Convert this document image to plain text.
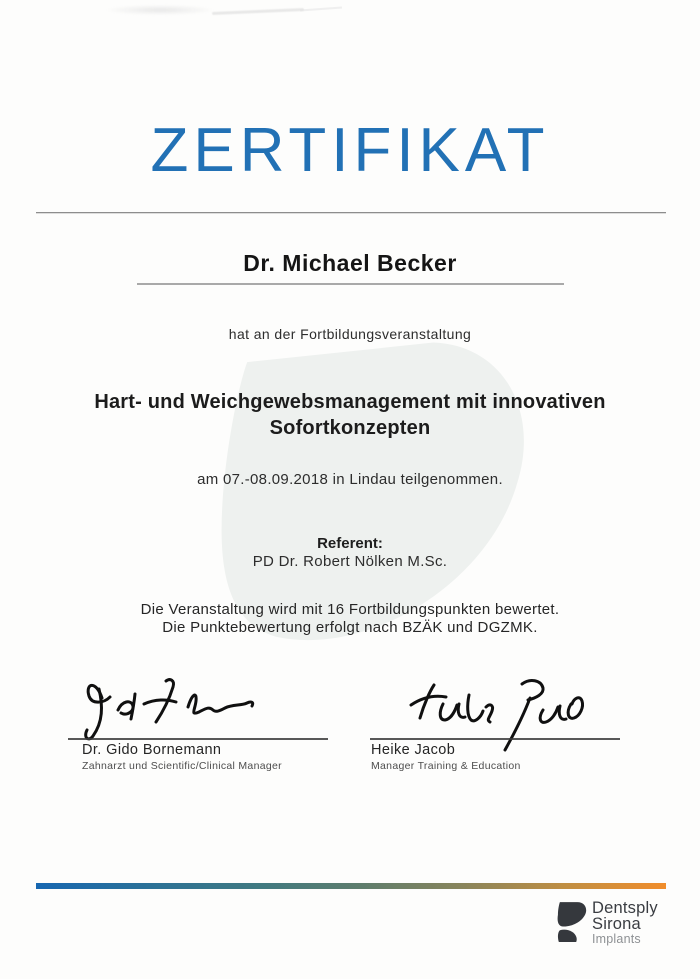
ZERTIFIKAT
Dr. Michael Becker
hat an der Fortbildungsveranstaltung
Hart- und Weichgewebsmanagement mit innovativen
Sofortkonzepten
am 07.-08.09.2018 in Lindau teilgenommen.
Referent:
PD Dr. Robert Nölken M.Sc.
Die Veranstaltung wird mit 16 Fortbildungspunkten bewertet.
Die Punktebewertung erfolgt nach BZÄK und DGZMK.
Dr. Gido Bornemann
Zahnarzt und Scientific/Clinical Manager
Heike Jacob
Manager Training & Education
Dentsply
Sirona
Implants
